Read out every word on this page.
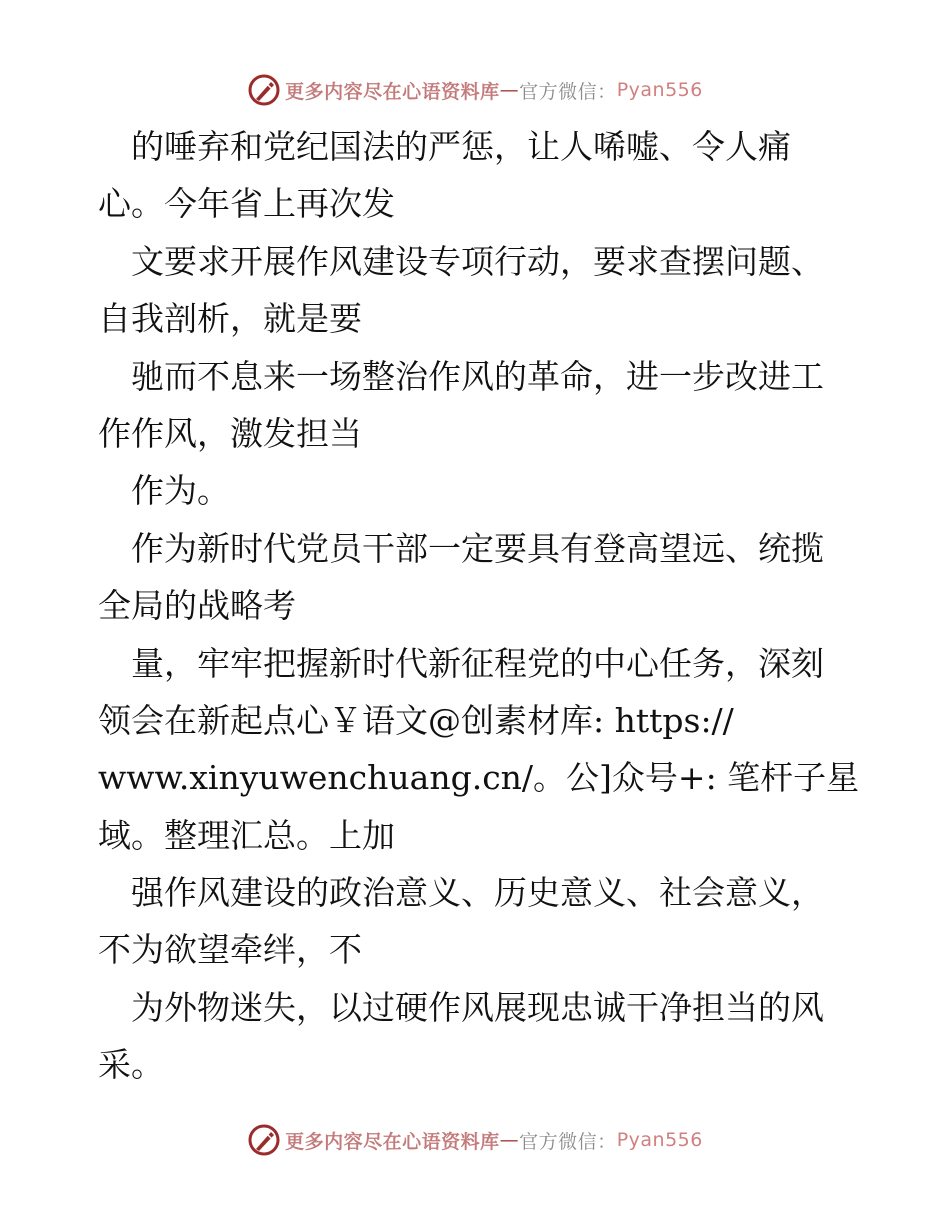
更多内容尽在心语资料库 — 官方微信： Pyan556
　的唾弃和党纪国法的严惩，让人唏嘘、令人痛
心。今年省上再次发
　文要求开展作风建设专项行动，要求查摆问题、
自我剖析，就是要
　驰而不息来一场整治作风的革命，进一步改进工
作作风，激发担当
　作为。
　作为新时代党员干部一定要具有登高望远、统揽
全局的战略考
　量，牢牢把握新时代新征程党的中心任务，深刻
领会在新起点心￥语文@创素材库: https://
www.xinyuwenchuang.cn/。公]众号+: 笔杆子星
域。整理汇总。上加
　强作风建设的政治意义、历史意义、社会意义，
不为欲望牵绊，不
　为外物迷失，以过硬作风展现忠诚干净担当的风
采。
更多内容尽在心语资料库 — 官方微信： Pyan556
